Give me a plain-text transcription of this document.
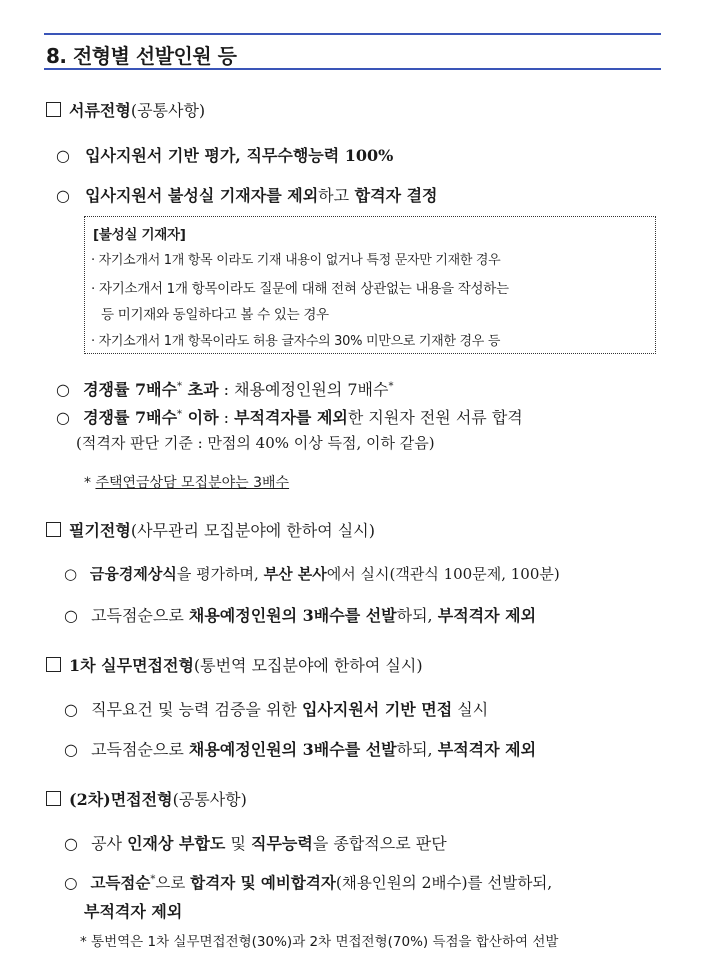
8. 전형별 선발인원 등
서류전형(공통사항)
○ 입사지원서 기반 평가, 직무수행능력 100%
○ 입사지원서 불성실 기재자를 제외하고 합격자 결정
[불성실 기재자]
· 자기소개서 1개 항목 이라도 기재 내용이 없거나 특정 문자만 기재한 경우
· 자기소개서 1개 항목이라도 질문에 대해 전혀 상관없는 내용을 작성하는
등 미기재와 동일하다고 볼 수 있는 경우
· 자기소개서 1개 항목이라도 허용 글자수의 30% 미만으로 기재한 경우 등
○ 경쟁률 7배수* 초과 : 채용예정인원의 7배수*
○ 경쟁률 7배수* 이하 : 부적격자를 제외한 지원자 전원 서류 합격
(적격자 판단 기준 : 만점의 40% 이상 득점, 이하 같음)
* 주택연금상담 모집분야는 3배수
필기전형(사무관리 모집분야에 한하여 실시)
○ 금융경제상식을 평가하며, 부산 본사에서 실시(객관식 100문제, 100분)
○ 고득점순으로 채용예정인원의 3배수를 선발하되, 부적격자 제외
1차 실무면접전형(통번역 모집분야에 한하여 실시)
○ 직무요건 및 능력 검증을 위한 입사지원서 기반 면접 실시
○ 고득점순으로 채용예정인원의 3배수를 선발하되, 부적격자 제외
(2차)면접전형(공통사항)
○ 공사 인재상 부합도 및 직무능력을 종합적으로 판단
○ 고득점순*으로 합격자 및 예비합격자(채용인원의 2배수)를 선발하되,
부적격자 제외
* 통번역은 1차 실무면접전형(30%)과 2차 면접전형(70%) 득점을 합산하여 선발
